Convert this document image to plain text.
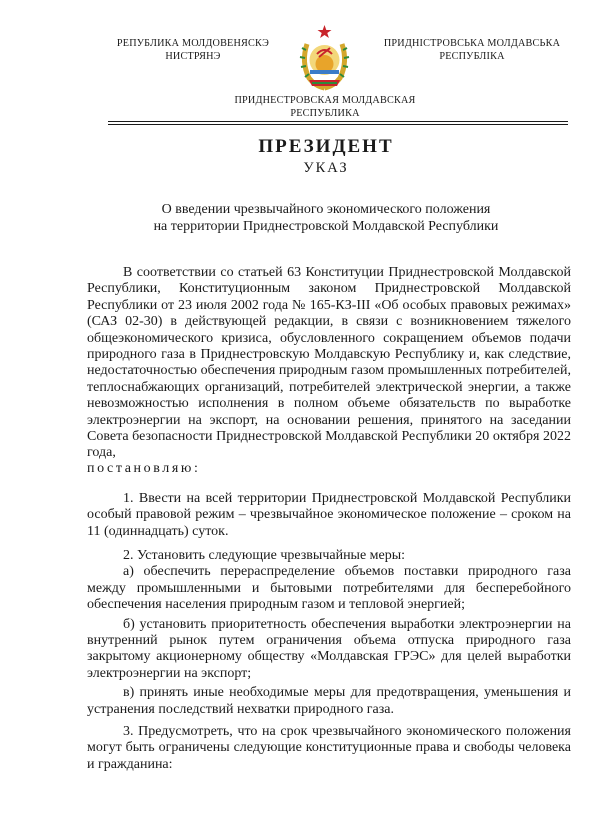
РЕПУБЛИКА МОЛДОВЕНЯСКЭ
НИСТРЯНЭ
ПРИДНІСТРОВСЬКА МОЛДАВСЬКА
РЕСПУБЛІКА
ПРИДНЕСТРОВСКАЯ МОЛДАВСКАЯ
РЕСПУБЛИКА
ПРЕЗИДЕНТ
УКАЗ
О введении чрезвычайного экономического положения
на территории Приднестровской Молдавской Республики

В соответствии со статьей 63 Конституции Приднестровской Молдавской Республики, Конституционным законом Приднестровской Молдавской Республики от 23 июля 2002 года № 165-КЗ-III «Об особых правовых режимах» (САЗ 02-30) в действующей редакции, в связи с возникновением тяжелого общеэкономического кризиса, обусловленного сокращением объемов подачи природного газа в Приднестровскую Молдавскую Республику и, как следствие, недостаточностью обеспечения природным газом промышленных потребителей, теплоснабжающих организаций, потребителей электрической энергии, а также невозможностью исполнения в полном объеме обязательств по выработке электроэнергии на экспорт, на основании решения, принятого на заседании Совета безопасности Приднестровской Молдавской Республики 20 октября 2022 года,

постановляю:

1. Ввести на всей территории Приднестровской Молдавской Республики особый правовой режим – чрезвычайное экономическое положение – сроком на 11 (одиннадцать) суток.

2. Установить следующие чрезвычайные меры:

а) обеспечить перераспределение объемов поставки природного газа между промышленными и бытовыми потребителями для бесперебойного обеспечения населения природным газом и тепловой энергией;

б) установить приоритетность обеспечения выработки электроэнергии на внутренний рынок путем ограничения объема отпуска природного газа закрытому акционерному обществу «Молдавская ГРЭС» для целей выработки электроэнергии на экспорт;

в) принять иные необходимые меры для предотвращения, уменьшения и устранения последствий нехватки природного газа.

3. Предусмотреть, что на срок чрезвычайного экономического положения могут быть ограничены следующие конституционные права и свободы человека и гражданина:
